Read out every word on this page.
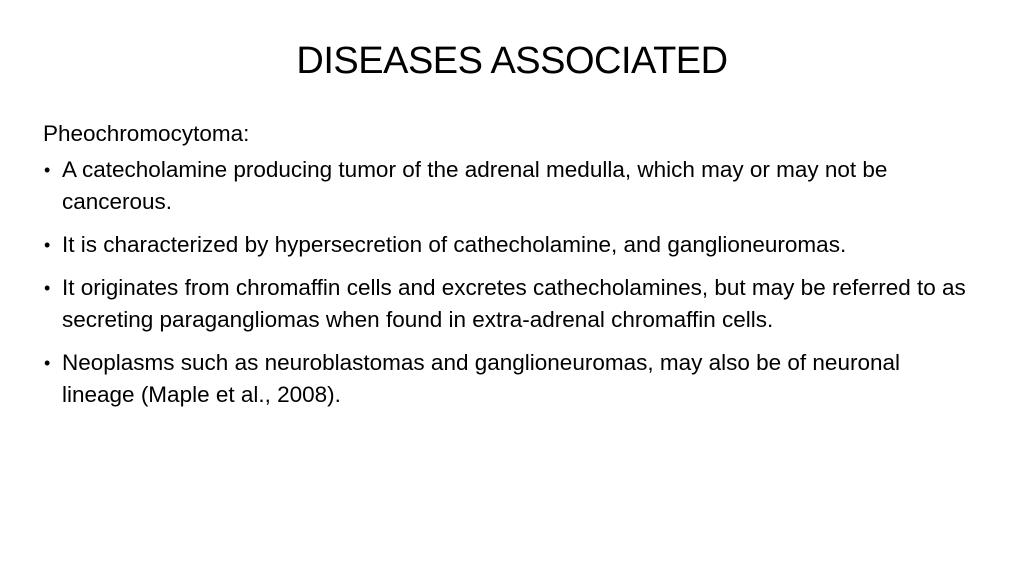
DISEASES ASSOCIATED

Pheochromocytoma:

• A catecholamine producing tumor of the adrenal medulla, which may or may not be cancerous.
• It is characterized by hypersecretion of cathecholamine, and ganglioneuromas.
• It originates from chromaffin cells and excretes cathecholamines, but may be referred to as secreting paragangliomas when found in extra-adrenal chromaffin cells.
• Neoplasms such as neuroblastomas and ganglioneuromas, may also be of neuronal lineage (Maple et al., 2008).
